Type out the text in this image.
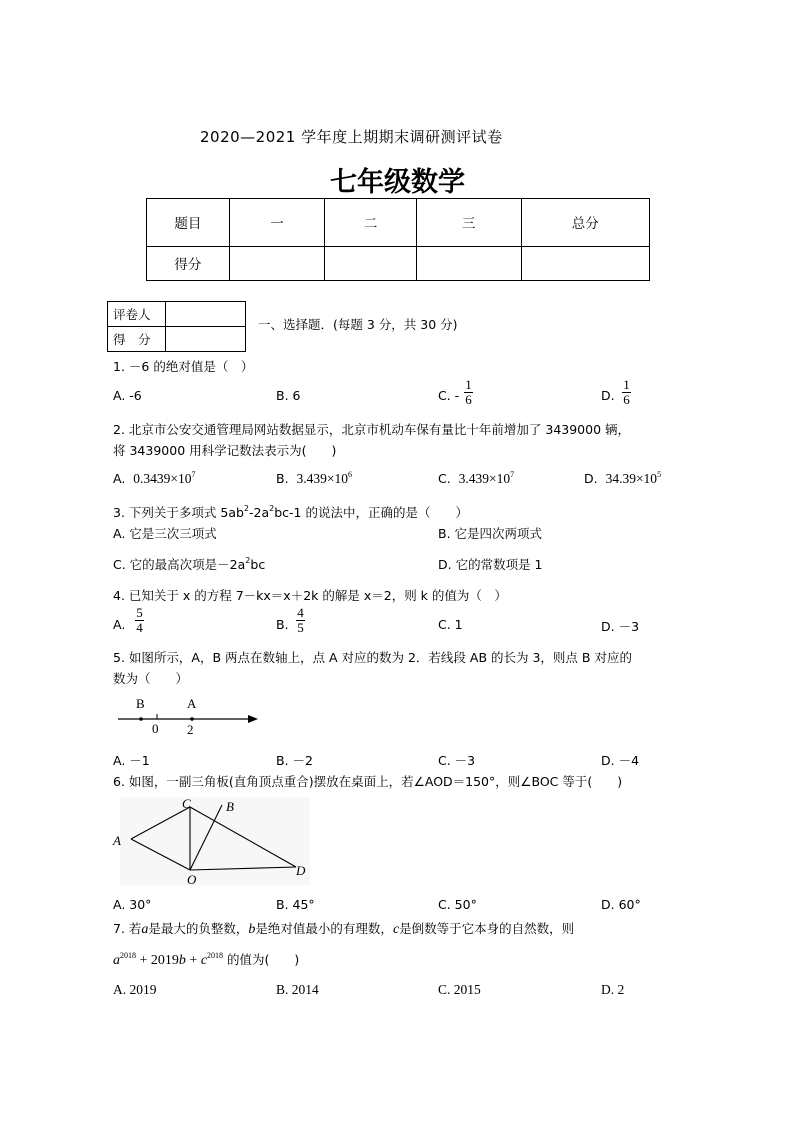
2020—2021 学年度上期期末调研测评试卷
七年级数学
题目	一	二	三	总分
得分				
评卷人	
得　分	
一、选择题．(每题 3 分，共 30 分)
1. －6 的绝对值是（　）
A. -6	B. 6	C. -
1
6	D.
1
6
2. 北京市公安交通管理局网站数据显示，北京市机动车保有量比十年前增加了 3439000 辆，
将 3439000 用科学记数法表示为(　　)
A. $0.3439\times 10^7$	B. $3.439\times 10^6$	C. $3.439\times 10^7$	D. $34.39\times 10^5$
3. 下列关于多项式 $5ab^2-2a^2bc-1$ 的说法中，正确的是（　　）
A. 它是三次三项式	B. 它是四次两项式
C. 它的最高次项是$-2a^2bc$	D. 它的常数项是 1
4. 已知关于 x 的方程 7－kx＝x＋2k 的解是 x＝2，则 k 的值为（　）
A.
5
4	B.
4
5	C. 1	D. －3
5. 如图所示，A，B 两点在数轴上，点 A 对应的数为 2．若线段 AB 的长为 3，则点 B 对应的
数为（　　）
B	A
0 2
A. －1	B. －2	C. －3	D. －4
6. 如图，一副三角板(直角顶点重合)摆放在桌面上，若∠AOD＝150°，则∠BOC 等于(　　)
A
C	B
O
D
A. 30°	B. 45°	C. 50°	D. 60°
7. 若a是最大的负整数，b是绝对值最小的有理数，c是倒数等于它本身的自然数，则
$a^{2018} + 2019b + c^{2018}$ 的值为(　　)
A. 2019	B. 2014	C. 2015	D. 2
